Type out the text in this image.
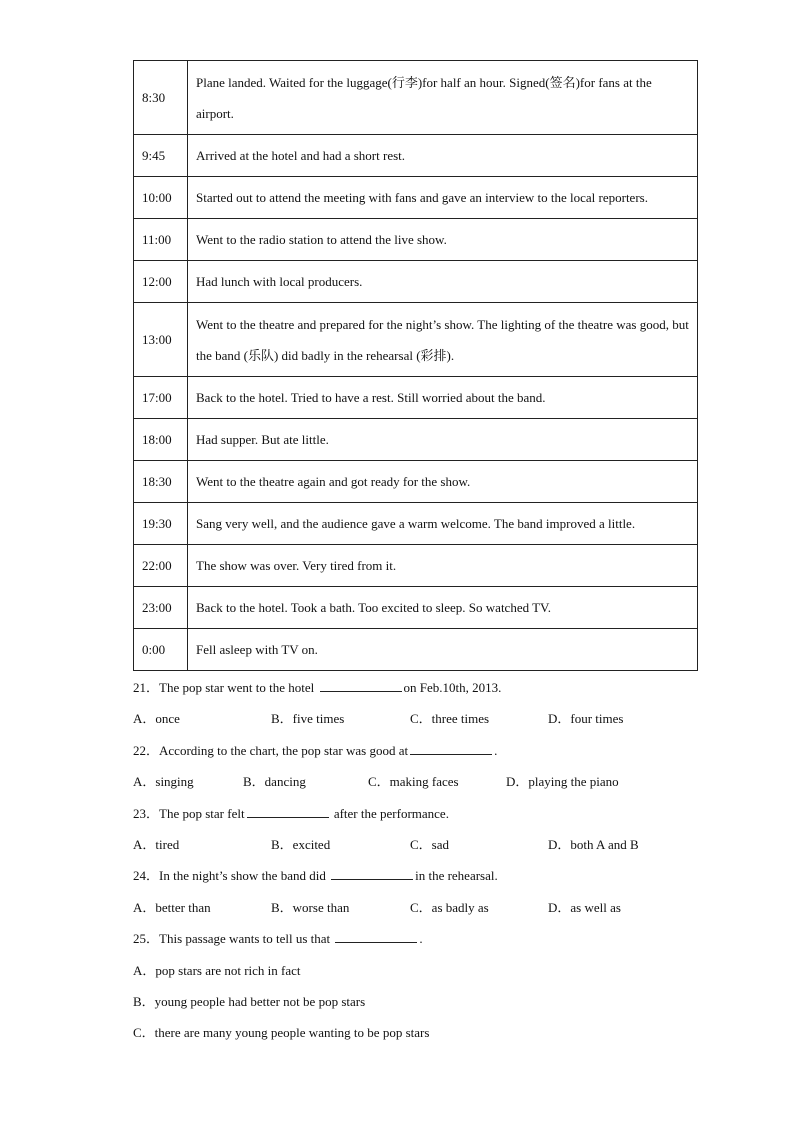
8:30	Plane landed. Waited for the luggage(行李)for half an hour. Signed(签名)for fans at the airport.
9:45	Arrived at the hotel and had a short rest.
10:00	Started out to attend the meeting with fans and gave an interview to the local reporters.
11:00	Went to the radio station to attend the live show.
12:00	Had lunch with local producers.
13:00	Went to the theatre and prepared for the night’s show. The lighting of the theatre was good, but the band (乐队) did badly in the rehearsal (彩排).
17:00	Back to the hotel. Tried to have a rest. Still worried about the band.
18:00	Had supper. But ate little.
18:30	Went to the theatre again and got ready for the show.
19:30	Sang very well, and the audience gave a warm welcome. The band improved a little.
22:00	The show was over. Very tired from it.
23:00	Back to the hotel. Took a bath. Too excited to sleep. So watched TV.
0:00	Fell asleep with TV on.
21．The pop star went to the hotel	on Feb.10th, 2013.
A．once	B．five times	C．three times	D．four times
22．According to the chart, the pop star was good at	.
A．singing	B．dancing	C．making faces	D．playing the piano
23．The pop star felt	after the performance.
A．tired	B．excited	C．sad	D．both A and B
24．In the night’s show the band did	in the rehearsal.
A．better than	B．worse than	C．as badly as	D．as well as
25．This passage wants to tell us that	.
A．pop stars are not rich in fact
B．young people had better not be pop stars
C．there are many young people wanting to be pop stars
